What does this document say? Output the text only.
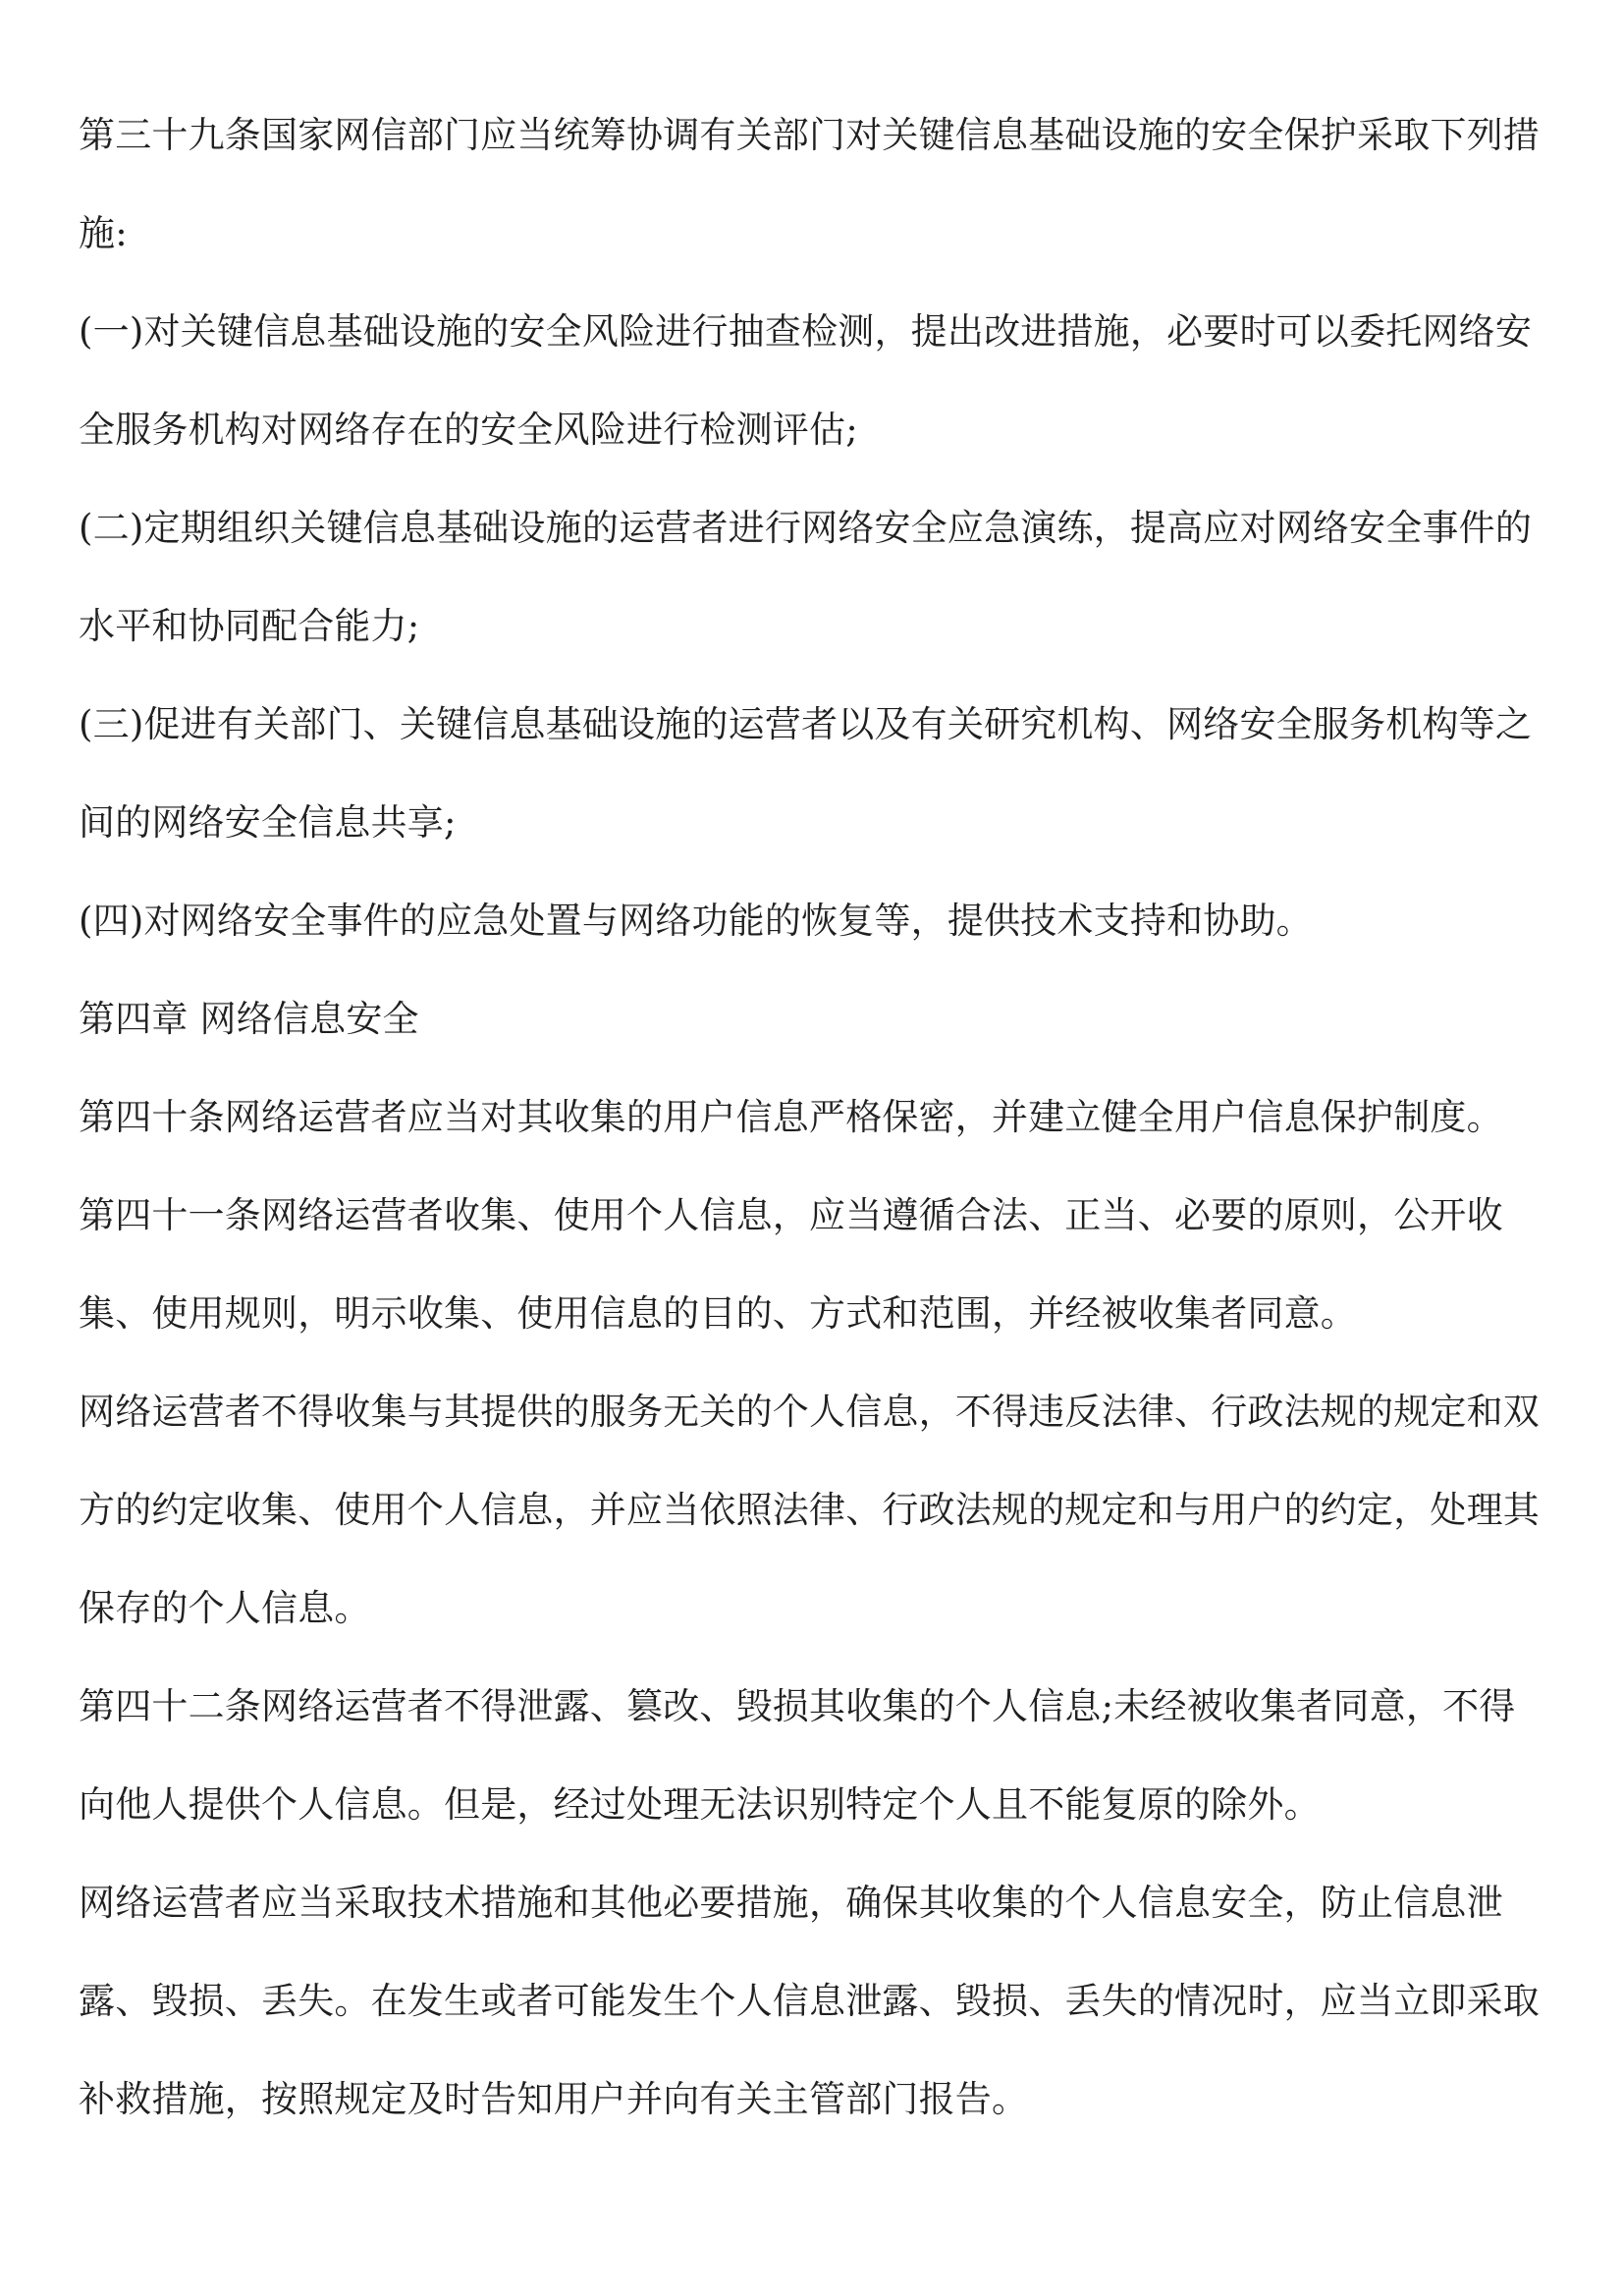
第三十九条国家网信部门应当统筹协调有关部门对关键信息基础设施的安全保护采取下列措施:

(一)对关键信息基础设施的安全风险进行抽查检测，提出改进措施，必要时可以委托网络安全服务机构对网络存在的安全风险进行检测评估;

(二)定期组织关键信息基础设施的运营者进行网络安全应急演练，提高应对网络安全事件的水平和协同配合能力;

(三)促进有关部门、关键信息基础设施的运营者以及有关研究机构、网络安全服务机构等之间的网络安全信息共享;

(四)对网络安全事件的应急处置与网络功能的恢复等，提供技术支持和协助。

第四章 网络信息安全

第四十条网络运营者应当对其收集的用户信息严格保密，并建立健全用户信息保护制度。

第四十一条网络运营者收集、使用个人信息，应当遵循合法、正当、必要的原则，公开收集、使用规则，明示收集、使用信息的目的、方式和范围，并经被收集者同意。

网络运营者不得收集与其提供的服务无关的个人信息，不得违反法律、行政法规的规定和双方的约定收集、使用个人信息，并应当依照法律、行政法规的规定和与用户的约定，处理其保存的个人信息。

第四十二条网络运营者不得泄露、篡改、毁损其收集的个人信息;未经被收集者同意，不得向他人提供个人信息。但是，经过处理无法识别特定个人且不能复原的除外。

网络运营者应当采取技术措施和其他必要措施，确保其收集的个人信息安全，防止信息泄露、毁损、丢失。在发生或者可能发生个人信息泄露、毁损、丢失的情况时，应当立即采取补救措施，按照规定及时告知用户并向有关主管部门报告。
